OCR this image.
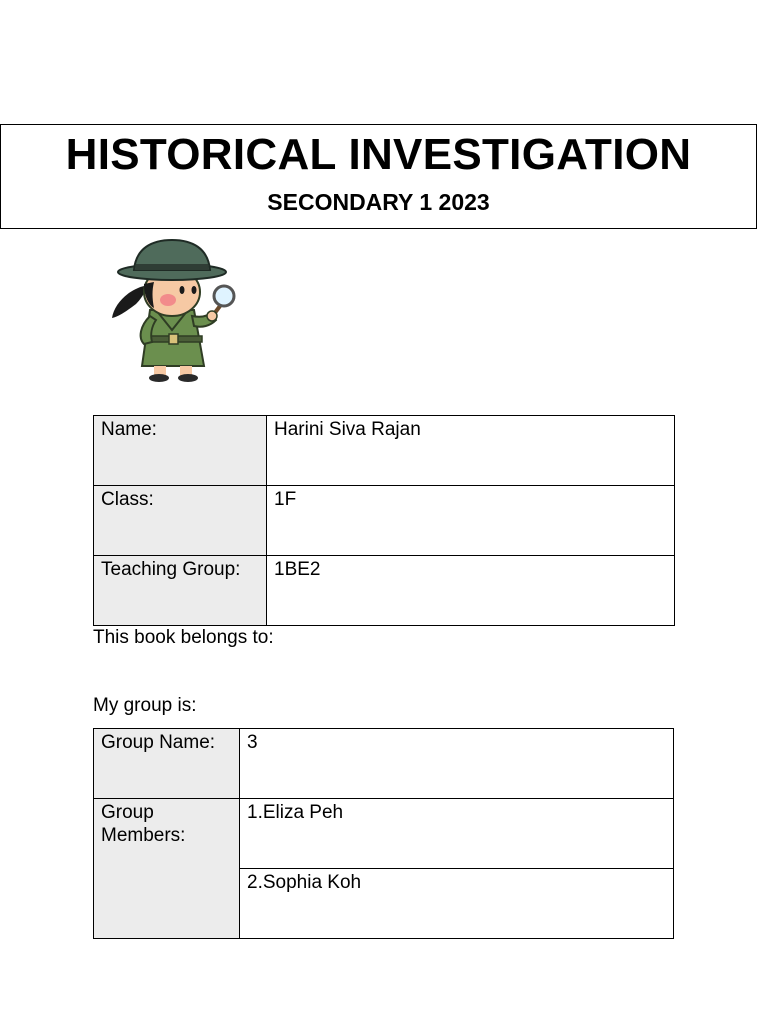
HISTORICAL INVESTIGATION
SECONDARY 1 2023
Name:	Harini Siva Rajan
Class:	1F
Teaching Group:	1BE2
This book belongs to:
My group is:
Group Name:	3

Group
Members:	1.Eliza Peh
	2.Sophia Koh
